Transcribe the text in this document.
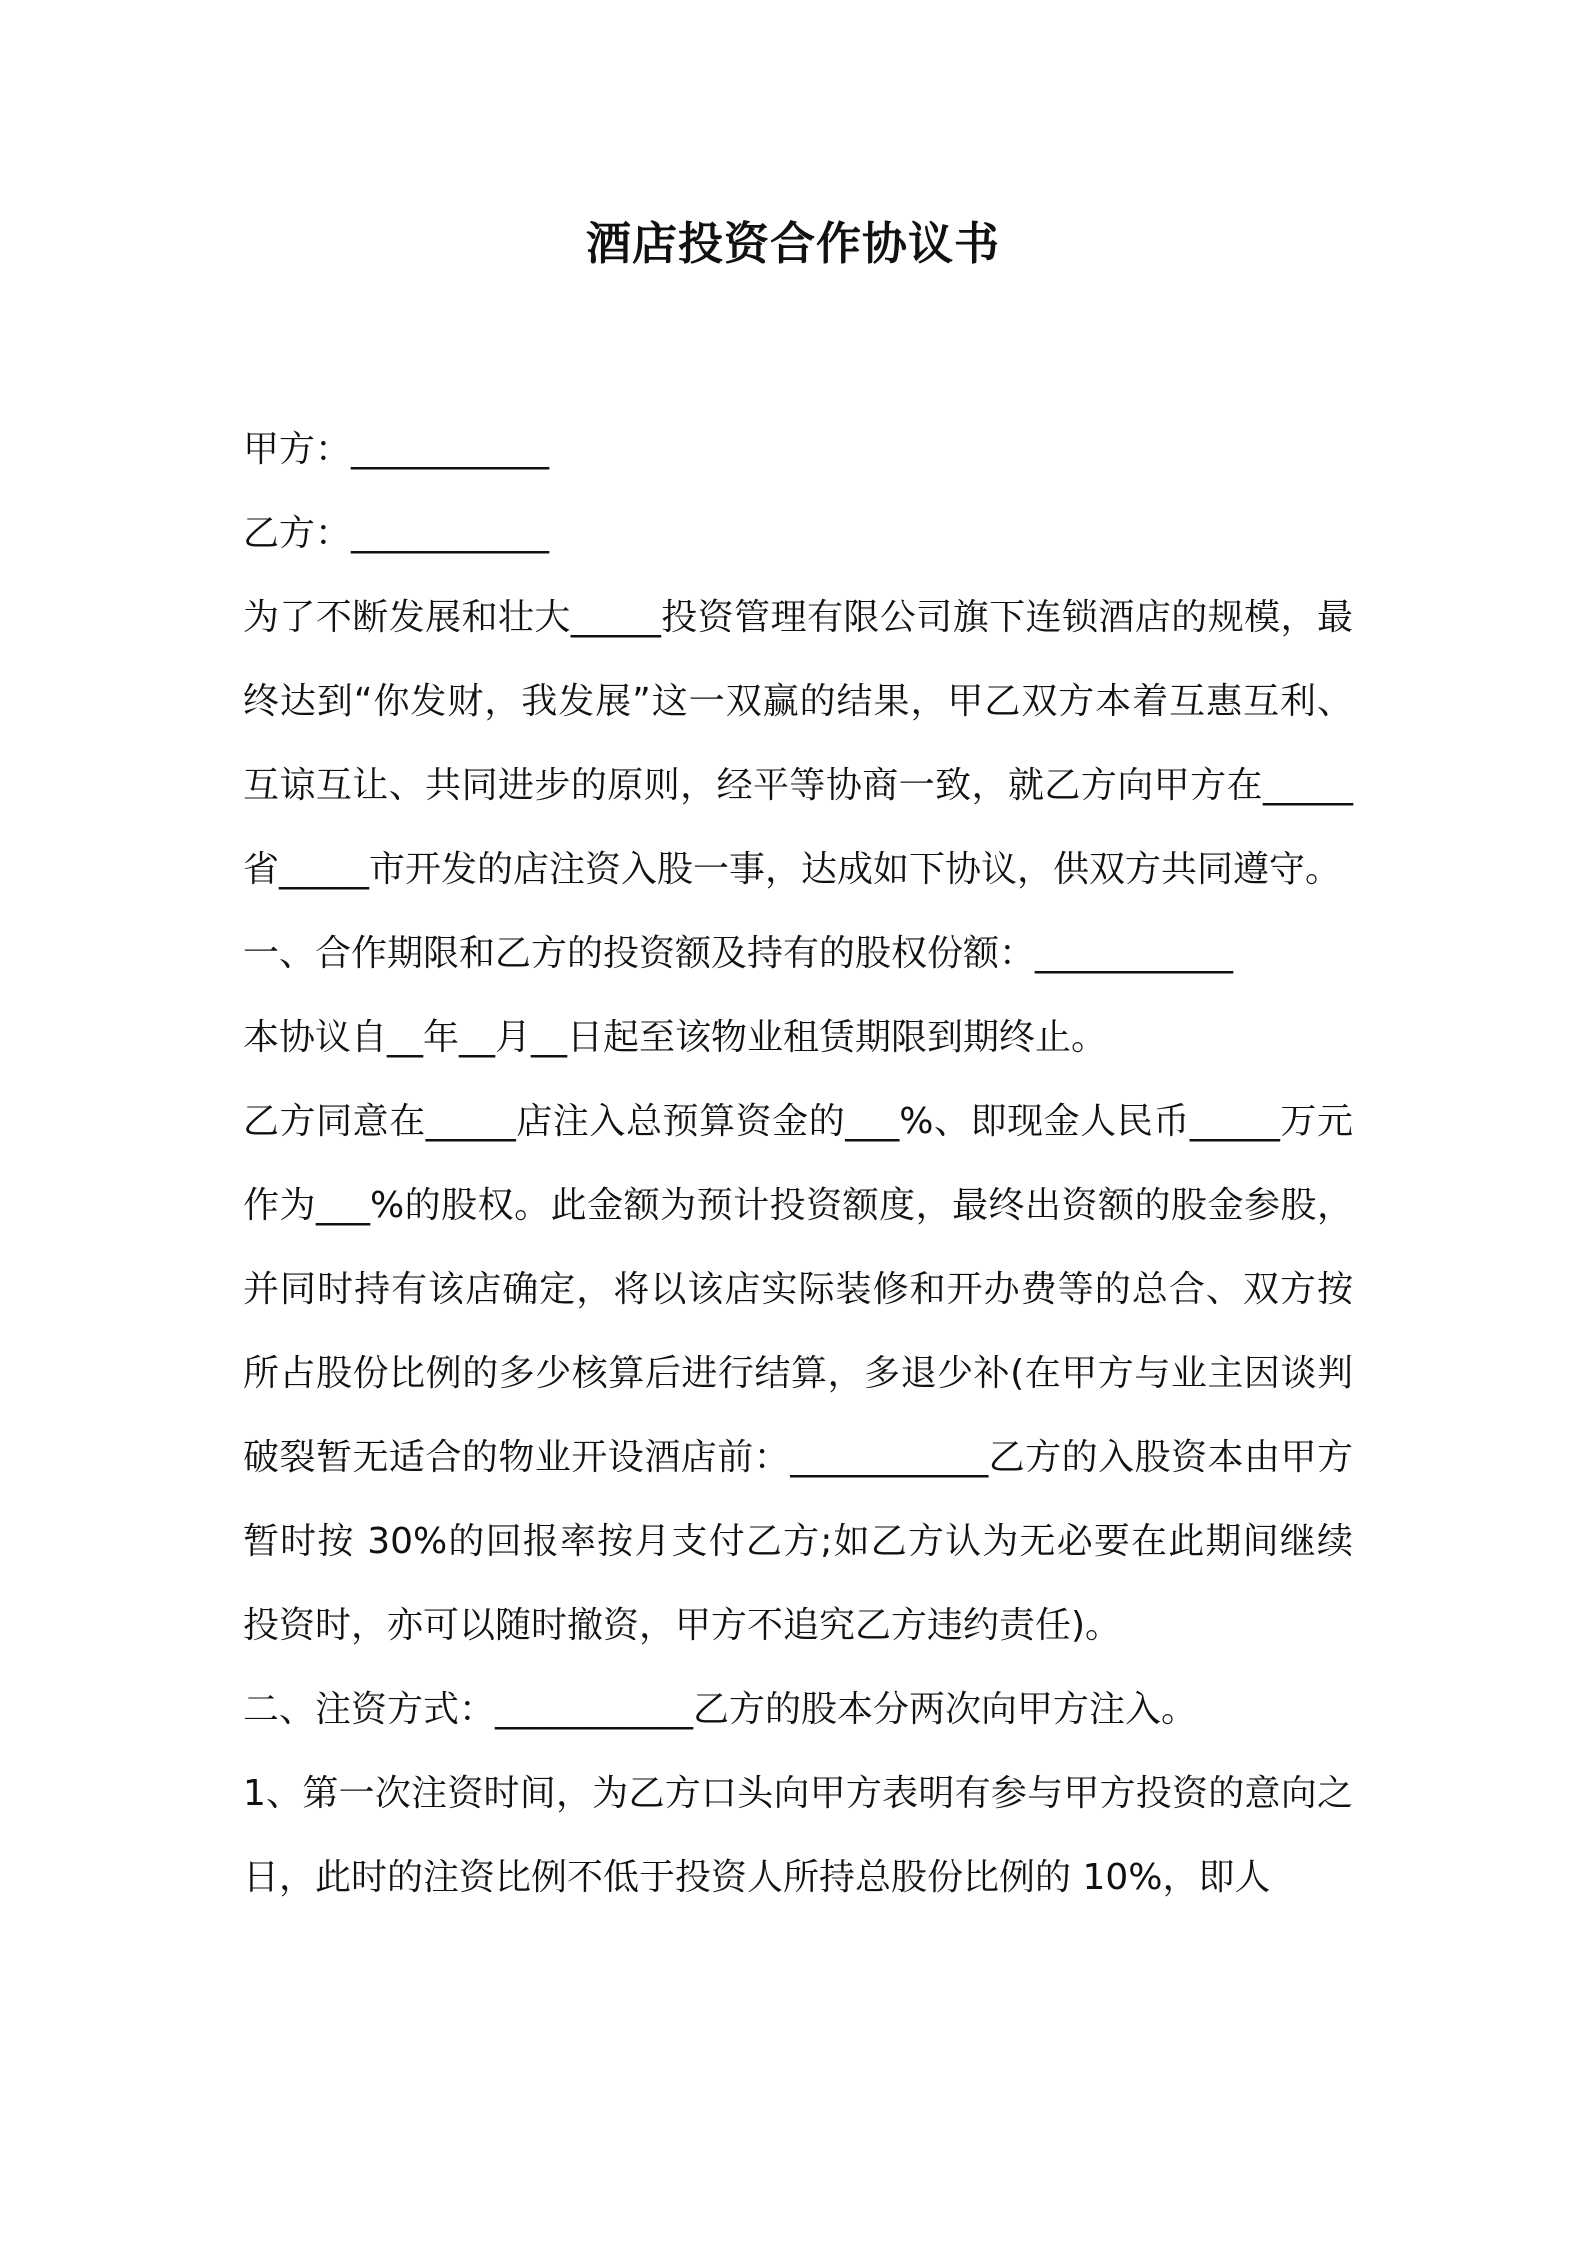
酒店投资合作协议书

甲方：___________

乙方：___________

为了不断发展和壮大_____投资管理有限公司旗下连锁酒店的规模，最终达到“你发财，我发展”这一双赢的结果，甲乙双方本着互惠互利、互谅互让、共同进步的原则，经平等协商一致，就乙方向甲方在_____省_____市开发的店注资入股一事，达成如下协议，供双方共同遵守。

一、合作期限和乙方的投资额及持有的股权份额：___________

本协议自__年__月__日起至该物业租赁期限到期终止。

乙方同意在_____店注入总预算资金的___%、即现金人民币_____万元作为___%的股权。此金额为预计投资额度，最终出资额的股金参股，并同时持有该店确定，将以该店实际装修和开办费等的总合、双方按所占股份比例的多少核算后进行结算，多退少补(在甲方与业主因谈判破裂暂无适合的物业开设酒店前：___________乙方的入股资本由甲方暂时按 30%的回报率按月支付乙方;如乙方认为无必要在此期间继续投资时，亦可以随时撤资，甲方不追究乙方违约责任)。

二、注资方式：___________乙方的股本分两次向甲方注入。

1、第一次注资时间，为乙方口头向甲方表明有参与甲方投资的意向之日，此时的注资比例不低于投资人所持总股份比例的 10%，即人
